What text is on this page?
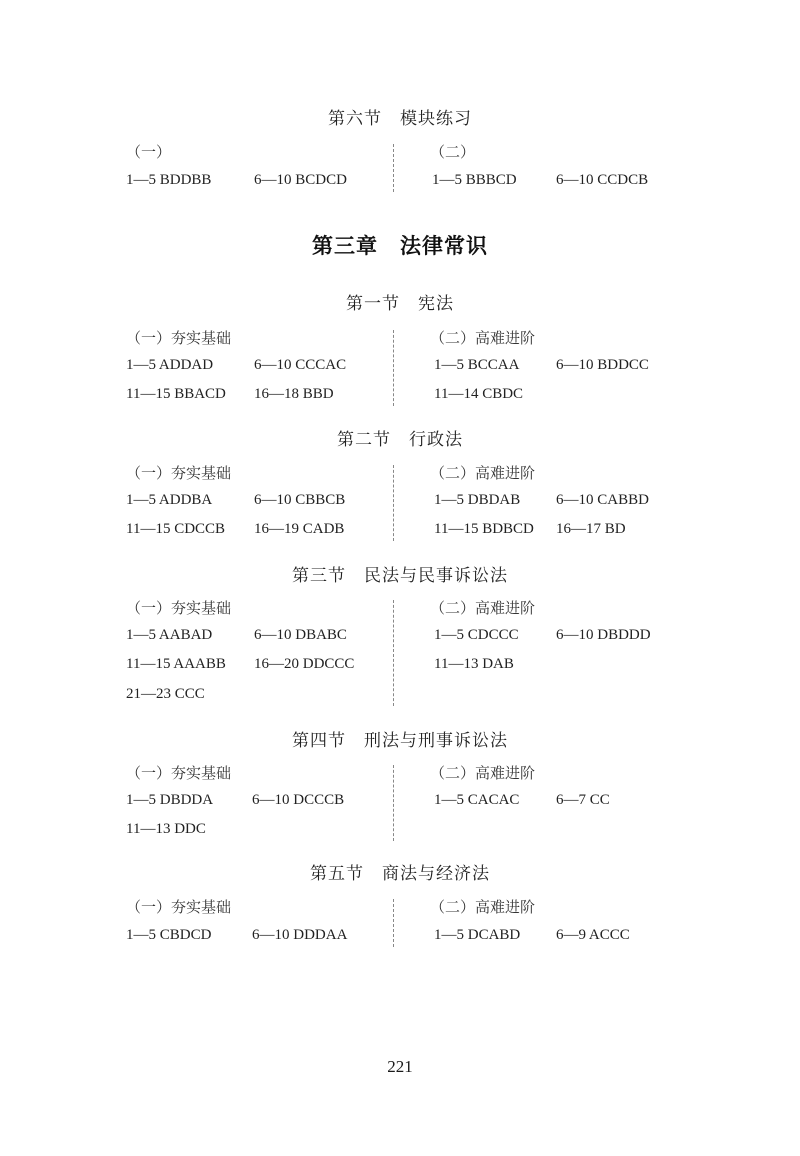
第六节　模块练习
（一）	（二）
1—5 BDDBB	6—10 BCDCD	1—5 BBBCD	6—10 CCDCB
第三章　法律常识
第一节　宪法
（一）夯实基础	（二）高难进阶
1—5 ADDAD	6—10 CCCAC
11—15 BBACD 16—18 BBD
1—5 BCCAA 6—10 BDDCC
11—14 CBDC
第二节　行政法
（一）夯实基础	（二）高难进阶
1—5 ADDBA	6—10 CBBCB
11—15 CDCCB 16—19 CADB
1—5 DBDAB 6—10 CABBD
11—15 BDBCD 16—17 BD
第三节　民法与民事诉讼法
（一）夯实基础	（二）高难进阶
1—5 AABAD	6—10 DBABC
11—15 AAABB 16—20 DDCCC
21—23 CCC
1—5 CDCCC 6—10 DBDDD
11—13 DAB
第四节　刑法与刑事诉讼法
（一）夯实基础	（二）高难进阶
1—5 DBDDA	6—10 DCCCB
11—13 DDC
1—5 CACAC 6—7 CC
第五节　商法与经济法
（一）夯实基础	（二）高难进阶
1—5 CBDCD	6—10 DDDAA	1—5 DCABD 6—9 ACCC
221
